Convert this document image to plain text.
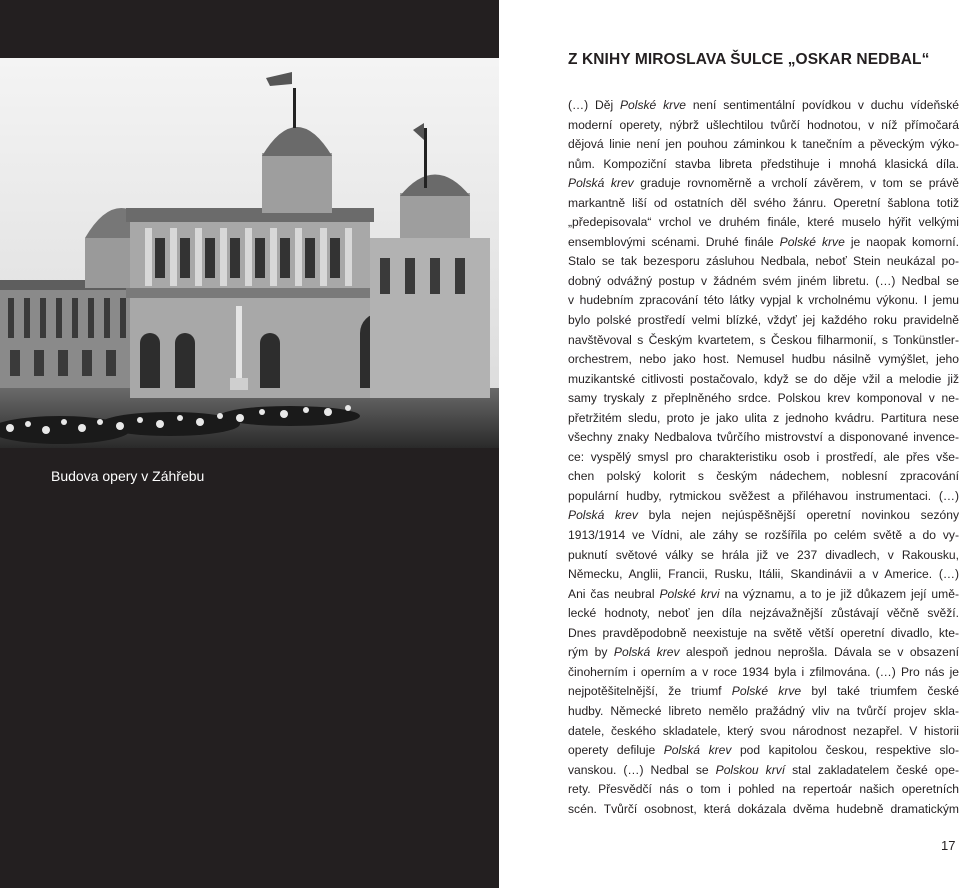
Budova opery v Záhřebu
Z KNIHY MIROSLAVA ŠULCE „OSKAR NEDBAL“
(…) Děj Polské krve není sentimentální povídkou v duchu vídeňské
moderní operety, nýbrž ušlechtilou tvůrčí hodnotou, v níž přímočará
dějová linie není jen pouhou záminkou k tanečním a pěveckým výko-
nům. Kompoziční stavba libreta předstihuje i mnohá klasická díla.
Polská krev graduje rovnoměrně a vrcholí závěrem, v tom se právě
markantně liší od ostatních děl svého žánru. Operetní šablona totiž
„předepisovala“ vrchol ve druhém finále, které muselo hýřit velkými
ensemblovými scénami. Druhé finále Polské krve je naopak komorní.
Stalo se tak bezesporu zásluhou Nedbala, neboť Stein neukázal po-
dobný odvážný postup v žádném svém jiném libretu. (…) Nedbal se
v hudebním zpracování této látky vypjal k vrcholnému výkonu. I jemu
bylo polské prostředí velmi blízké, vždyť jej každého roku pravidelně
navštěvoval s Českým kvartetem, s Českou filharmonií, s Tonkünstler-
orchestrem, nebo jako host. Nemusel hudbu násilně vymýšlet, jeho
muzikantské citlivosti postačovalo, když se do děje vžil a melodie již
samy tryskaly z přeplněného srdce. Polskou krev komponoval v ne-
přetržitém sledu, proto je jako ulita z jednoho kvádru. Partitura nese
všechny znaky Nedbalova tvůrčího mistrovství a disponované invence-
ce: vyspělý smysl pro charakteristiku osob i prostředí, ale přes vše-
chen polský kolorit s českým nádechem, noblesní zpracování
populární hudby, rytmickou svěžest a přiléhavou instrumentaci. (…)
Polská krev byla nejen nejúspěšnější operetní novinkou sezóny
1913/1914 ve Vídni, ale záhy se rozšířila po celém světě a do vy-
puknutí světové války se hrála již ve 237 divadlech, v Rakousku,
Německu, Anglii, Francii, Rusku, Itálii, Skandinávii a v Americe. (…)
Ani čas neubral Polské krvi na významu, a to je již důkazem její umě-
lecké hodnoty, neboť jen díla nejzávažnější zůstávají věčně svěží.
Dnes pravděpodobně neexistuje na světě větší operetní divadlo, kte-
rým by Polská krev alespoň jednou neprošla. Dávala se v obsazení
činoherním i operním a v roce 1934 byla i zfilmována. (…) Pro nás je
nejpotěšitelnější, že triumf Polské krve byl také triumfem české
hudby. Německé libreto nemělo pražádný vliv na tvůrčí projev skla-
datele, českého skladatele, který svou národnost nezapřel. V historii
operety defiluje Polská krev pod kapitolou českou, respektive slo-
vanskou. (…) Nedbal se Polskou krví stal zakladatelem české ope-
rety. Přesvědčí nás o tom i pohled na repertoár našich operetních
scén. Tvůrčí osobnost, která dokázala dvěma hudebně dramatickým
17
